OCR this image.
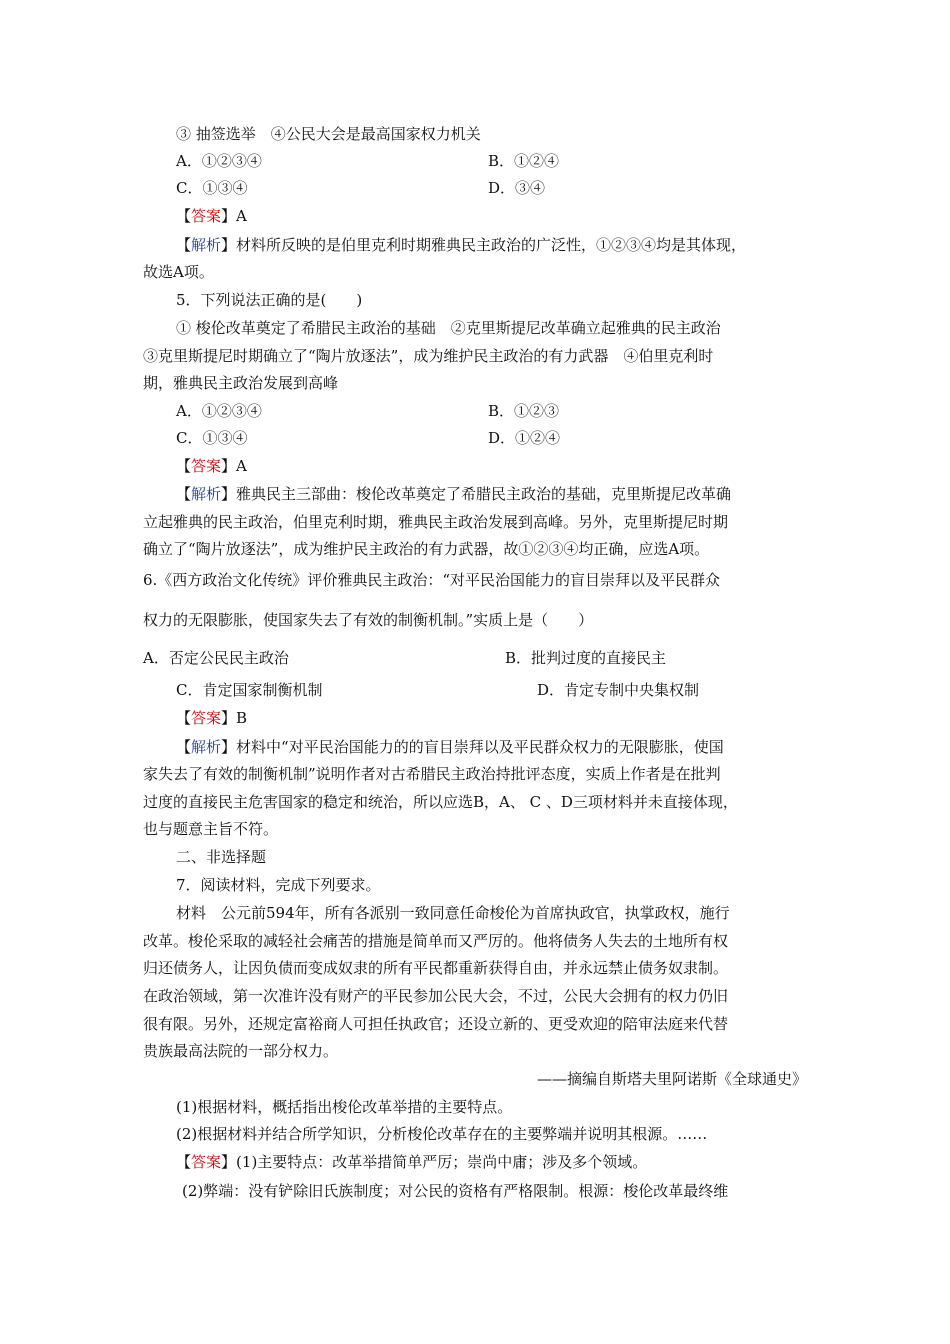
③ 抽签选举　④公民大会是最高国家权力机关
A．①②③④	B．①②④
C．①③④	D．③④
【答案】A
【解析】材料所反映的是伯里克利时期雅典民主政治的广泛性，①②③④均是其体现，
故选A项。
5．下列说法正确的是(　　)
① 梭伦改革奠定了希腊民主政治的基础　②克里斯提尼改革确立起雅典的民主政治
③克里斯提尼时期确立了“陶片放逐法”，成为维护民主政治的有力武器　④伯里克利时
期，雅典民主政治发展到高峰
A．①②③④	B．①②③
C．①③④	D．①②④
【答案】A
【解析】雅典民主三部曲：梭伦改革奠定了希腊民主政治的基础，克里斯提尼改革确
立起雅典的民主政治，伯里克利时期，雅典民主政治发展到高峰。另外，克里斯提尼时期
确立了“陶片放逐法”，成为维护民主政治的有力武器，故①②③④均正确，应选A项。
6.《西方政治文化传统》评价雅典民主政治：“对平民治国能力的盲目崇拜以及平民群众
权力的无限膨胀，使国家失去了有效的制衡机制。”实质上是（　　）
A．否定公民民主政治	B．批判过度的直接民主
C．肯定国家制衡机制	D．肯定专制中央集权制
【答案】B
【解析】材料中“对平民治国能力的的盲目崇拜以及平民群众权力的无限膨胀，使国
家失去了有效的制衡机制”说明作者对古希腊民主政治持批评态度，实质上作者是在批判
过度的直接民主危害国家的稳定和统治，所以应选B，A、 C 、D三项材料并未直接体现，
也与题意主旨不符。
二、非选择题
7．阅读材料，完成下列要求。
材料　公元前594年，所有各派别一致同意任命梭伦为首席执政官，执掌政权，施行
改革。梭伦采取的减轻社会痛苦的措施是简单而又严厉的。他将债务人失去的土地所有权
归还债务人，让因负债而变成奴隶的所有平民都重新获得自由，并永远禁止债务奴隶制。
在政治领域，第一次准许没有财产的平民参加公民大会，不过，公民大会拥有的权力仍旧
很有限。另外，还规定富裕商人可担任执政官；还设立新的、更受欢迎的陪审法庭来代替
贵族最高法院的一部分权力。
——摘编自斯塔夫里阿诺斯《全球通史》
(1)根据材料，概括指出梭伦改革举措的主要特点。
(2)根据材料并结合所学知识，分析梭伦改革存在的主要弊端并说明其根源。……
【答案】(1)主要特点：改革举措简单严厉；崇尚中庸；涉及多个领域。
(2)弊端：没有铲除旧氏族制度；对公民的资格有严格限制。根源：梭伦改革最终维
